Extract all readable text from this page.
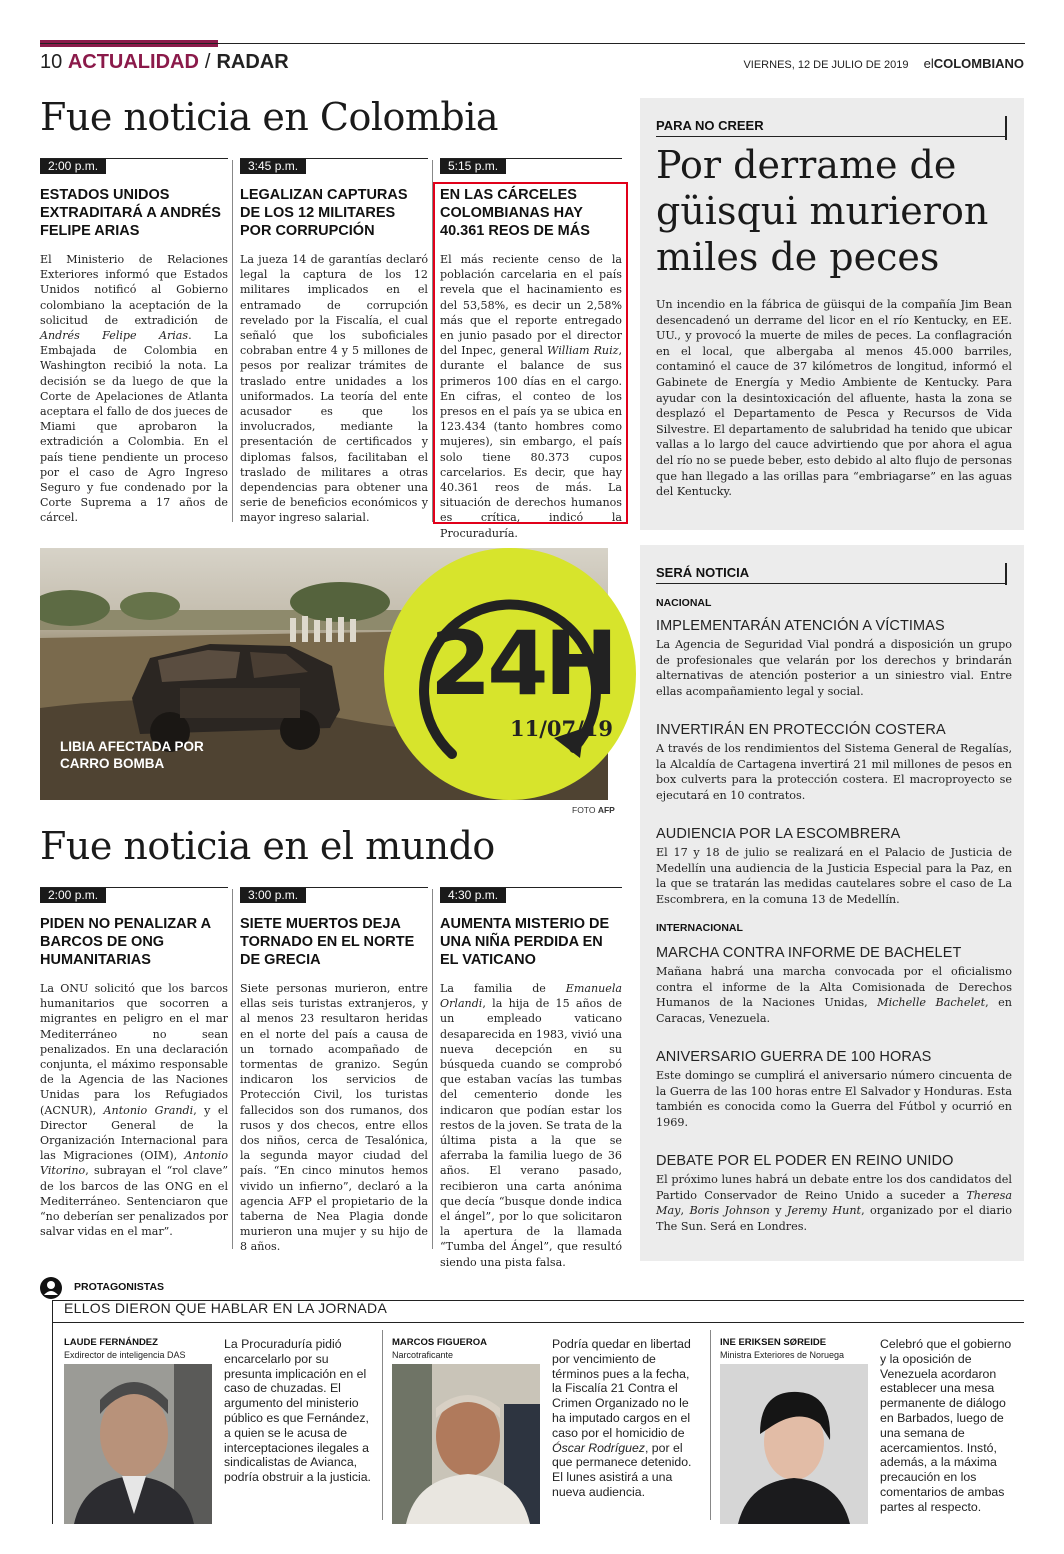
10 ACTUALIDAD / RADAR	VIERNES, 12 DE JULIO DE 2019 elCOLOMBIANO
Fue noticia en Colombia
2:00 p.m.
ESTADOS UNIDOS EXTRADITARÁ A ANDRÉS FELIPE ARIAS
El Ministerio de Relaciones Exteriores informó que Estados Unidos notificó al Gobierno colombiano la aceptación de la solicitud de extradición de Andrés Felipe Arias. La Embajada de Colombia en Washington recibió la nota. La decisión se da luego de que la Corte de Apelaciones de Atlanta aceptara el fallo de dos jueces de Miami que aprobaron la extradición a Colombia. En el país tiene pendiente un proceso por el caso de Agro Ingreso Seguro y fue condenado por la Corte Suprema a 17 años de cárcel.
3:45 p.m.
LEGALIZAN CAPTURAS DE LOS 12 MILITARES POR CORRUPCIÓN
La jueza 14 de garantías declaró legal la captura de los 12 militares implicados en el entramado de corrupción revelado por la Fiscalía, el cual señaló que los suboficiales cobraban entre 4 y 5 millones de pesos por realizar trámites de traslado entre unidades a los uniformados. La teoría del ente acusador es que los involucrados, mediante la presentación de certificados y diplomas falsos, facilitaban el traslado de militares a otras dependencias para obtener una serie de beneficios económicos y mayor ingreso salarial.
5:15 p.m.
EN LAS CÁRCELES COLOMBIANAS HAY 40.361 REOS DE MÁS
El más reciente censo de la población carcelaria en el país revela que el hacinamiento es del 53,58%, es decir un 2,58% más que el reporte entregado en junio pasado por el director del Inpec, general William Ruiz, durante el balance de sus primeros 100 días en el cargo. En cifras, el conteo de los presos en el país ya se ubica en 123.434 (tanto hombres como mujeres), sin embargo, el país solo tiene 80.373 cupos carcelarios. Es decir, que hay 40.361 reos de más. La situación de derechos humanos es crítica, indicó la Procuraduría.
PARA NO CREER
Por derrame de güisqui murieron miles de peces
Un incendio en la fábrica de güisqui de la compañía Jim Bean desencadenó un derrame del licor en el río Kentucky, en EE. UU., y provocó la muerte de miles de peces. La conflagración en el local, que albergaba al menos 45.000 barriles, contaminó el cauce de 37 kilómetros de longitud, informó el Gabinete de Energía y Medio Ambiente de Kentucky. Para ayudar con la desintoxicación del afluente, hasta la zona se desplazó el Departamento de Pesca y Recursos de Vida Silvestre. El departamento de salubridad ha tenido que ubicar vallas a lo largo del cauce advirtiendo que por ahora el agua del río no se puede beber, esto debido al alto flujo de personas que han llegado a las orillas para “embriagarse” en las aguas del Kentucky.
LIBIA AFECTADA POR CARRO BOMBA
24H
11/07/19
FOTO AFP
SERÁ NOTICIA
NACIONAL
IMPLEMENTARÁN ATENCIÓN A VÍCTIMAS
La Agencia de Seguridad Vial pondrá a disposición un grupo de profesionales que velarán por los derechos y brindarán alternativas de atención posterior a un siniestro vial. Entre ellas acompañamiento legal y social.
INVERTIRÁN EN PROTECCIÓN COSTERA
A través de los rendimientos del Sistema General de Regalías, la Alcaldía de Cartagena invertirá 21 mil millones de pesos en box culverts para la protección costera. El macroproyecto se ejecutará en 10 contratos.
AUDIENCIA POR LA ESCOMBRERA
El 17 y 18 de julio se realizará en el Palacio de Justicia de Medellín una audiencia de la Justicia Especial para la Paz, en la que se tratarán las medidas cautelares sobre el caso de La Escombrera, en la comuna 13 de Medellín.
INTERNACIONAL
MARCHA CONTRA INFORME DE BACHELET
Mañana habrá una marcha convocada por el oficialismo contra el informe de la Alta Comisionada de Derechos Humanos de la Naciones Unidas, Michelle Bachelet, en Caracas, Venezuela.
ANIVERSARIO GUERRA DE 100 HORAS
Este domingo se cumplirá el aniversario número cincuenta de la Guerra de las 100 horas entre El Salvador y Honduras. Esta también es conocida como la Guerra del Fútbol y ocurrió en 1969.
DEBATE POR EL PODER EN REINO UNIDO
El próximo lunes habrá un debate entre los dos candidatos del Partido Conservador de Reino Unido a suceder a Theresa May, Boris Johnson y Jeremy Hunt, organizado por el diario The Sun. Será en Londres.
Fue noticia en el mundo
2:00 p.m.
PIDEN NO PENALIZAR A BARCOS DE ONG HUMANITARIAS
La ONU solicitó que los barcos humanitarios que socorren a migrantes en peligro en el mar Mediterráneo no sean penalizados. En una declaración conjunta, el máximo responsable de la Agencia de las Naciones Unidas para los Refugiados (ACNUR), Antonio Grandi, y el Director General de la Organización Internacional para las Migraciones (OIM), Antonio Vitorino, subrayan el “rol clave” de los barcos de las ONG en el Mediterráneo. Sentenciaron que “no deberían ser penalizados por salvar vidas en el mar”.
3:00 p.m.
SIETE MUERTOS DEJA TORNADO EN EL NORTE DE GRECIA
Siete personas murieron, entre ellas seis turistas extranjeros, y al menos 23 resultaron heridas en el norte del país a causa de un tornado acompañado de tormentas de granizo. Según indicaron los servicios de Protección Civil, los turistas fallecidos son dos rumanos, dos rusos y dos checos, entre ellos dos niños, cerca de Tesalónica, la segunda mayor ciudad del país. “En cinco minutos hemos vivido un infierno”, declaró a la agencia AFP el propietario de la taberna de Nea Plagia donde murieron una mujer y su hijo de 8 años.
4:30 p.m.
AUMENTA MISTERIO DE UNA NIÑA PERDIDA EN EL VATICANO
La familia de Emanuela Orlandi, la hija de 15 años de un empleado vaticano desaparecida en 1983, vivió una nueva decepción en su búsqueda cuando se comprobó que estaban vacías las tumbas del cementerio donde les indicaron que podían estar los restos de la joven. Se trata de la última pista a la que se aferraba la familia luego de 36 años. El verano pasado, recibieron una carta anónima que decía “busque donde indica el ángel”, por lo que solicitaron la apertura de la llamada “Tumba del Ángel”, que resultó siendo una pista falsa.
PROTAGONISTAS
ELLOS DIERON QUE HABLAR EN LA JORNADA
LAUDE FERNÁNDEZ
Exdirector de inteligencia DAS
La Procuraduría pidió encarcelarlo por su presunta implicación en el caso de chuzadas. El argumento del ministerio público es que Fernández, a quien se le acusa de interceptaciones ilegales a sindicalistas de Avianca, podría obstruir a la justicia.
MARCOS FIGUEROA
Narcotraficante
Podría quedar en libertad por vencimiento de términos pues a la fecha, la Fiscalía 21 Contra el Crimen Organizado no le ha imputado cargos en el caso por el homicidio de Óscar Rodríguez, por el que permanece detenido. El lunes asistirá a una nueva audiencia.
INE ERIKSEN SØREIDE
Ministra Exteriores de Noruega
Celebró que el gobierno y la oposición de Venezuela acordaron establecer una mesa permanente de diálogo en Barbados, luego de una semana de acercamientos. Instó, además, a la máxima precaución en los comentarios de ambas partes al respecto.
